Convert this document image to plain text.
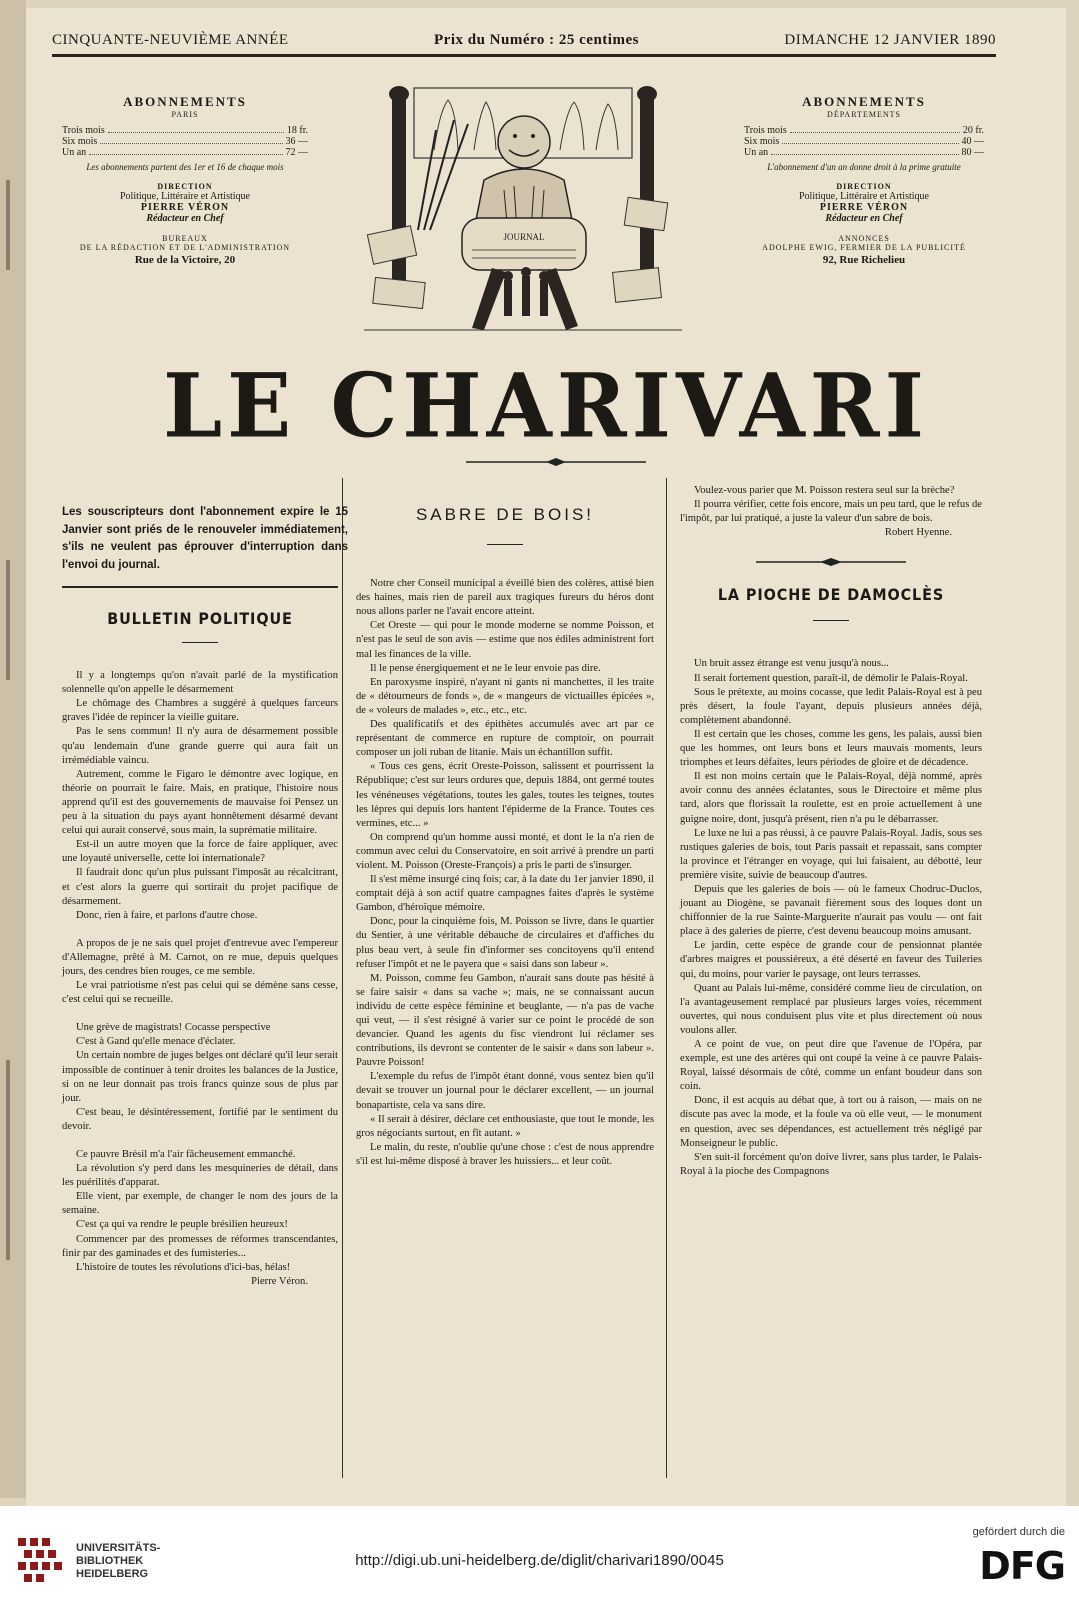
CINQUANTE-NEUVIÈME ANNÉE	Prix du Numéro : 25 centimes	DIMANCHE 12 JANVIER 1890
ABONNEMENTS
PARIS
Trois mois	18 fr.
Six mois	36 —
Un an	72 —
Les abonnements partent des 1er et 16 de chaque mois
DIRECTION
Politique, Littéraire et Artistique
PIERRE VÉRON
Rédacteur en Chef
BUREAUX
DE LA RÉDACTION ET DE L'ADMINISTRATION
Rue de la Victoire, 20
ABONNEMENTS
DÉPARTEMENTS
Trois mois	20 fr.
Six mois	40 —
Un an	80 —
L'abonnement d'un an donne droit à la prime gratuite
DIRECTION
Politique, Littéraire et Artistique
PIERRE VÉRON
Rédacteur en Chef
ANNONCES
ADOLPHE EWIG, FERMIER DE LA PUBLICITÉ
92, Rue Richelieu
JOURNAL
LE CHARIVARI
Les souscripteurs dont l'abonnement expire le 15 Janvier sont priés de le renouveler immédiatement, s'ils ne veulent pas éprouver d'interruption dans l'envoi du journal.
BULLETIN POLITIQUE

Il y a longtemps qu'on n'avait parlé de la mystification solennelle qu'on appelle le désarmement

Le chômage des Chambres a suggéré à quelques farceurs graves l'idée de repincer la vieille guitare.

Pas le sens commun! Il n'y aura de désarmement possible qu'au lendemain d'une grande guerre qui aura fait un irrémédiable vaincu.

Autrement, comme le Figaro le démontre avec logique, en théorie on pourrait le faire. Mais, en pratique, l'histoire nous apprend qu'il est des gouvernements de mauvaise foi Pensez un peu à la situation du pays ayant honnêtement désarmé devant celui qui aurait conservé, sous main, la suprématie militaire.

Est-il un autre moyen que la force de faire appliquer, avec une loyauté universelle, cette loi internationale?

Il faudrait donc qu'un plus puissant l'imposât au récalcitrant, et c'est alors la guerre qui sortirait du projet pacifique de désarmement.

Donc, rien à faire, et parlons d'autre chose.

A propos de je ne sais quel projet d'entrevue avec l'empereur d'Allemagne, prêté à M. Carnot, on re mue, depuis quelques jours, des cendres bien rouges, ce me semble.

Le vrai patriotisme n'est pas celui qui se démène sans cesse, c'est celui qui se recueille.

Une grève de magistrats! Cocasse perspective

C'est à Gand qu'elle menace d'éclater.

Un certain nombre de juges belges ont déclaré qu'il leur serait impossible de continuer à tenir droites les balances de la Justice, si on ne leur donnait pas trois francs quinze sous de plus par jour.

C'est beau, le désintéressement, fortifié par le sentiment du devoir.

Ce pauvre Brésil m'a l'air fâcheusement emmanché.

La révolution s'y perd dans les mesquineries de détail, dans les puérilités d'apparat.

Elle vient, par exemple, de changer le nom des jours de la semaine.

C'est ça qui va rendre le peuple brésilien heureux!

Commencer par des promesses de réformes transcendantes, finir par des gaminades et des fumisteries...

L'histoire de toutes les révolutions d'ici-bas, hélas!

Pierre Véron.
SABRE DE BOIS!

Notre cher Conseil municipal a éveillé bien des colères, attisé bien des haines, mais rien de pareil aux tragiques fureurs du héros dont nous allons parler ne l'avait encore atteint.

Cet Oreste — qui pour le monde moderne se nomme Poisson, et n'est pas le seul de son avis — estime que nos édiles administrent fort mal les finances de la ville.

Il le pense énergiquement et ne le leur envoie pas dire.

En paroxysme inspiré, n'ayant ni gants ni manchettes, il les traite de « détourneurs de fonds », de « mangeurs de victuailles épicées », de « voleurs de malades », etc., etc., etc.

Des qualificatifs et des épithètes accumulés avec art par ce représentant de commerce en rupture de comptoir, on pourrait composer un joli ruban de litanie. Mais un échantillon suffit.

« Tous ces gens, écrit Oreste-Poisson, salissent et pourrissent la République; c'est sur leurs ordures que, depuis 1884, ont germé toutes les vénéneuses végétations, toutes les gales, toutes les teignes, toutes les lèpres qui depuis lors hantent l'épiderme de la France. Toutes ces vermines, etc... »

On comprend qu'un homme aussi monté, et dont le la n'a rien de commun avec celui du Conservatoire, en soit arrivé à prendre un parti violent. M. Poisson (Oreste-François) a pris le parti de s'insurger.

Il s'est même insurgé cinq fois; car, à la date du 1er janvier 1890, il comptait déjà à son actif quatre campagnes faites d'après le système Gambon, d'héroïque mémoire.

Donc, pour la cinquième fois, M. Poisson se livre, dans le quartier du Sentier, à une véritable débauche de circulaires et d'affiches du plus beau vert, à seule fin d'informer ses concitoyens qu'il entend refuser l'impôt et ne le payera que « saisi dans son labeur ».

M. Poisson, comme feu Gambon, n'aurait sans doute pas hésité à se faire saisir « dans sa vache »; mais, ne se connaissant aucun individu de cette espèce féminine et beuglante, — n'a pas de vache qui veut, — il s'est résigné à varier sur ce point le procédé de son devancier. Quand les agents du fisc viendront lui réclamer ses contributions, ils devront se contenter de le saisir « dans son labeur ». Pauvre Poisson!

L'exemple du refus de l'impôt étant donné, vous sentez bien qu'il devait se trouver un journal pour le déclarer excellent, — un journal bonapartiste, cela va sans dire.

« Il serait à désirer, déclare cet enthousiaste, que tout le monde, les gros négociants surtout, en fît autant. »

Le malin, du reste, n'oublie qu'une chose : c'est de nous apprendre s'il est lui-même disposé à braver les huissiers... et leur coût.

Voulez-vous parier que M. Poisson restera seul sur la brèche?

Il pourra vérifier, cette fois encore, mais un peu tard, que le refus de l'impôt, par lui pratiqué, a juste la valeur d'un sabre de bois.

Robert Hyenne.
LA PIOCHE DE DAMOCLÈS

Un bruit assez étrange est venu jusqu'à nous...

Il serait fortement question, paraît-il, de démolir le Palais-Royal.

Sous le prétexte, au moins cocasse, que ledit Palais-Royal est à peu près désert, la foule l'ayant, depuis plusieurs années déjà, complètement abandonné.

Il est certain que les choses, comme les gens, les palais, aussi bien que les hommes, ont leurs bons et leurs mauvais moments, leurs triomphes et leurs défaites, leurs périodes de gloire et de décadence.

Il est non moins certain que le Palais-Royal, déjà nommé, après avoir connu des années éclatantes, sous le Directoire et même plus tard, alors que florissait la roulette, est en proie actuellement à une guigne noire, dont, jusqu'à présent, rien n'a pu le débarrasser.

Le luxe ne lui a pas réussi, à ce pauvre Palais-Royal. Jadis, sous ses rustiques galeries de bois, tout Paris passait et repassait, sans compter la province et l'étranger en voyage, qui lui faisaient, au débotté, leur première visite, suivie de beaucoup d'autres.

Depuis que les galeries de bois — où le fameux Chodruc-Duclos, jouant au Diogène, se pavanait fièrement sous des loques dont un chiffonnier de la rue Sainte-Marguerite n'aurait pas voulu — ont fait place à des galeries de pierre, c'est devenu beaucoup moins amusant.

Le jardin, cette espèce de grande cour de pensionnat plantée d'arbres maigres et poussiéreux, a été déserté en faveur des Tuileries qui, du moins, pour varier le paysage, ont leurs terrasses.

Quant au Palais lui-même, considéré comme lieu de circulation, on l'a avantageusement remplacé par plusieurs larges voies, récemment ouvertes, qui nous conduisent plus vite et plus directement où nous voulons aller.

A ce point de vue, on peut dire que l'avenue de l'Opéra, par exemple, est une des artères qui ont coupé la veine à ce pauvre Palais-Royal, laissé désormais de côté, comme un enfant boudeur dans son coin.

Donc, il est acquis au débat que, à tort ou à raison, — mais on ne discute pas avec la mode, et la foule va où elle veut, — le monument en question, avec ses dépendances, est actuellement très négligé par Monseigneur le public.

S'en suit-il forcément qu'on doive livrer, sans plus tarder, le Palais-Royal à la pioche des Compagnons

UNIVERSITÄTS-
BIBLIOTHEK
HEIDELBERG
http://digi.ub.uni-heidelberg.de/diglit/charivari1890/0045
gefördert durch die
DFG
